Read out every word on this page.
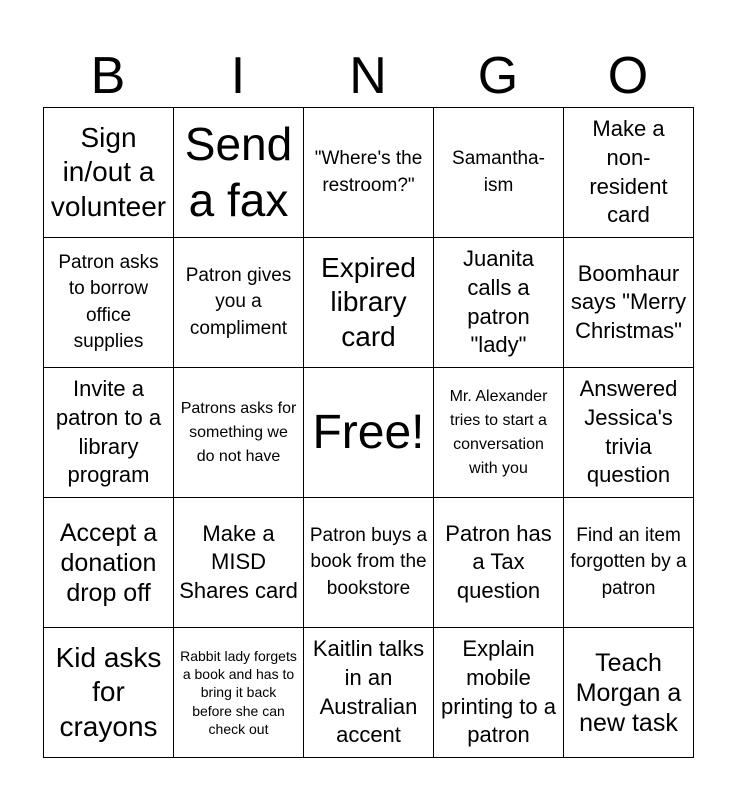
B	I	N	G	O
Sign in/out a volunteer
Send a fax
"Where's the restroom?"
Samantha-ism
Make a non-resident card
Patron asks to borrow office supplies
Patron gives you a compliment
Expired library card
Juanita calls a patron "lady"
Boomhaur says "Merry Christmas"
Invite a patron to a library program
Patrons asks for something we do not have Free!
Mr. Alexander tries to start a conversation with you
Answered Jessica's trivia question
Accept a donation drop off
Make a MISD Shares card
Patron buys a book from the bookstore
Patron has a Tax question
Find an item forgotten by a patron
Kid asks for crayons
Rabbit lady forgets a book and has to bring it back before she can check out
Kaitlin talks in an Australian accent
Explain mobile printing to a patron
Teach Morgan a new task
